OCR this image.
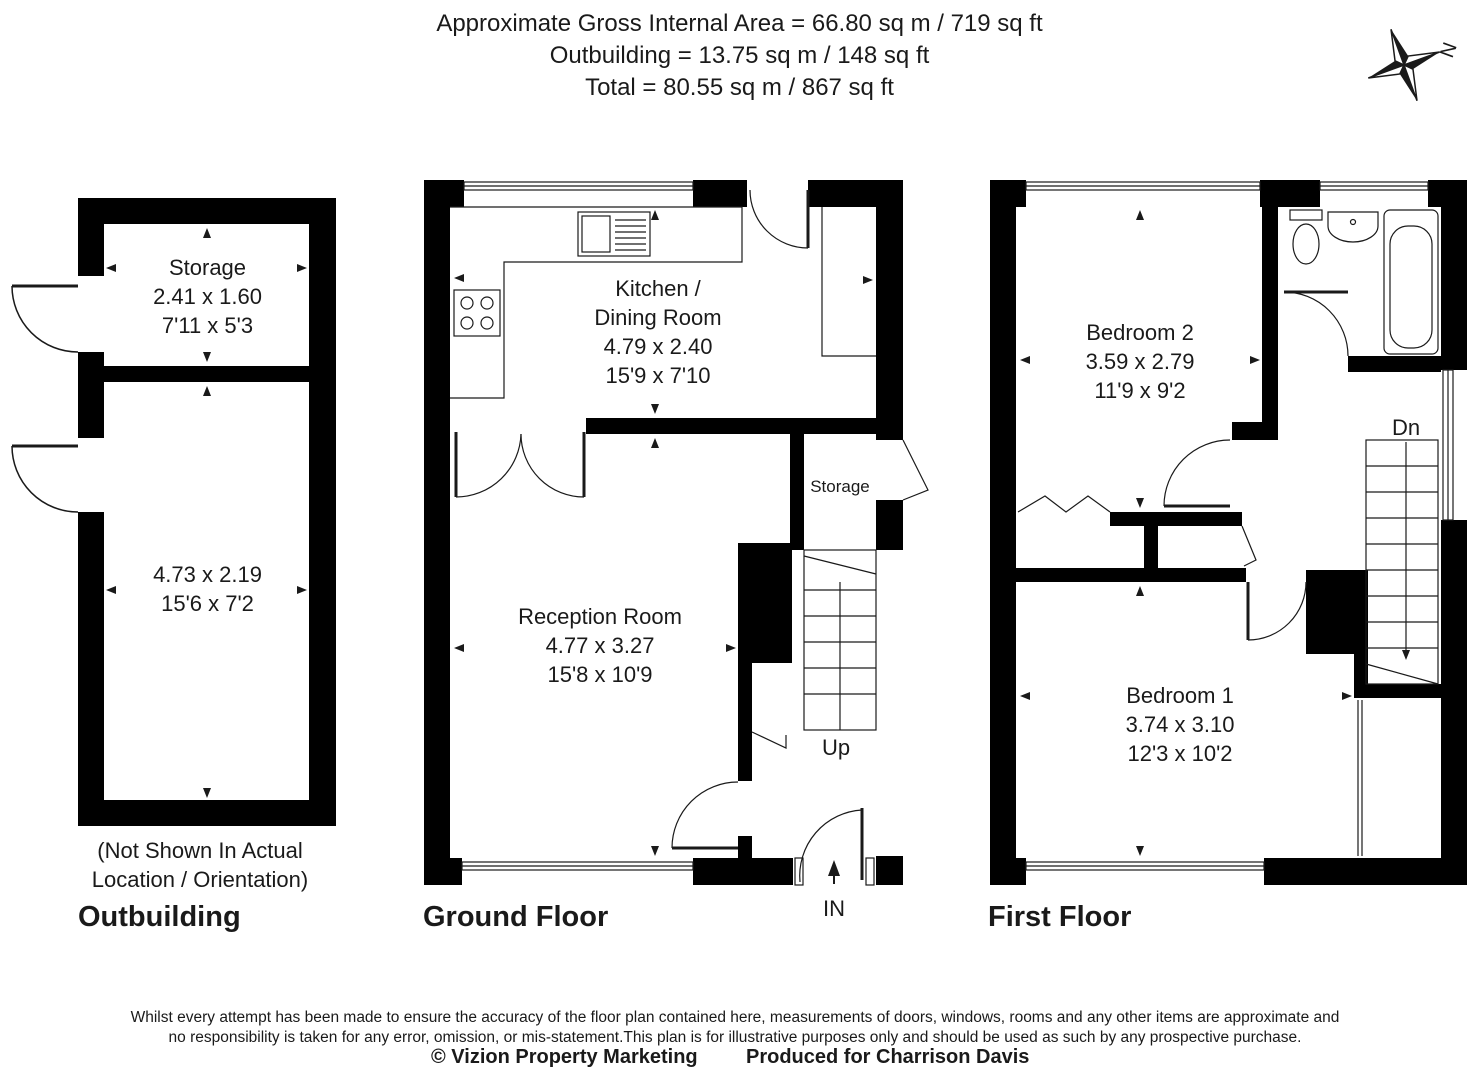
Approximate Gross Internal Area = 66.80 sq m / 719 sq ft
Outbuilding = 13.75 sq m / 148 sq ft
Total = 80.55 sq m / 867 sq ft
N
Storage
2.41 x 1.60
7'11 x 5'3
4.73 x 2.19
15'6 x 7'2
(Not Shown In Actual
Location / Orientation)
Outbuilding
Kitchen /
Dining Room
4.79 x 2.40
15'9 x 7'10
Reception Room
4.77 x 3.27
15'8 x 10'9
Storage
Up
IN
Ground Floor
Bedroom 2
3.59 x 2.79
11'9 x 9'2
Bedroom 1
3.74 x 3.10
12'3 x 10'2
Dn
First Floor
Whilst every attempt has been made to ensure the accuracy of the floor plan contained here, measurements of doors, windows, rooms and any other items are approximate and
no responsibility is taken for any error, omission, or mis-statement.This plan is for illustrative purposes only and should be used as such by any prospective purchase.
© Vizion Property Marketing Produced for Charrison Davis
